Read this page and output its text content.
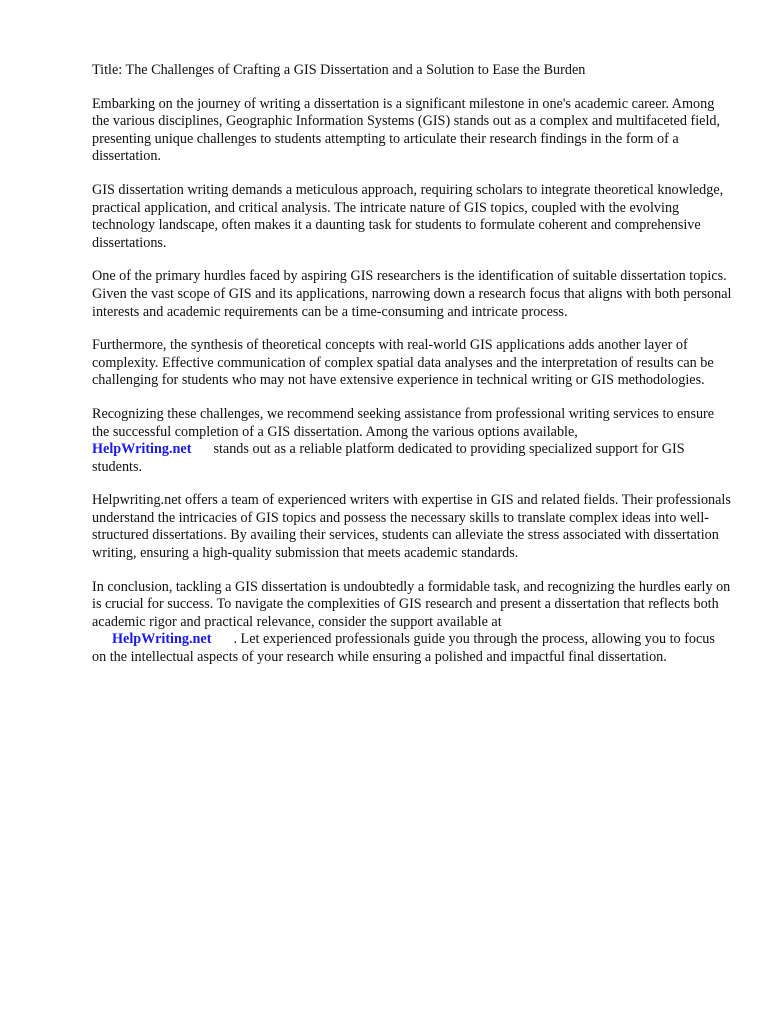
Title: The Challenges of Crafting a GIS Dissertation and a Solution to Ease the Burden

Embarking on the journey of writing a dissertation is a significant milestone in one's academic career. Among the various disciplines, Geographic Information Systems (GIS) stands out as a complex and multifaceted field, presenting unique challenges to students attempting to articulate their research findings in the form of a dissertation.

GIS dissertation writing demands a meticulous approach, requiring scholars to integrate theoretical knowledge, practical application, and critical analysis. The intricate nature of GIS topics, coupled with the evolving technology landscape, often makes it a daunting task for students to formulate coherent and comprehensive dissertations.

One of the primary hurdles faced by aspiring GIS researchers is the identification of suitable dissertation topics. Given the vast scope of GIS and its applications, narrowing down a research focus that aligns with both personal interests and academic requirements can be a time-consuming and intricate process.

Furthermore, the synthesis of theoretical concepts with real-world GIS applications adds another layer of complexity. Effective communication of complex spatial data analyses and the interpretation of results can be challenging for students who may not have extensive experience in technical writing or GIS methodologies.

Recognizing these challenges, we recommend seeking assistance from professional writing services to ensure the successful completion of a GIS dissertation. Among the various options available,
HelpWriting.net stands out as a reliable platform dedicated to providing specialized support for GIS students.

Helpwriting.net offers a team of experienced writers with expertise in GIS and related fields. Their professionals understand the intricacies of GIS topics and possess the necessary skills to translate complex ideas into well-structured dissertations. By availing their services, students can alleviate the stress associated with dissertation writing, ensuring a high-quality submission that meets academic standards.

In conclusion, tackling a GIS dissertation is undoubtedly a formidable task, and recognizing the hurdles early on is crucial for success. To navigate the complexities of GIS research and present a dissertation that reflects both academic rigor and practical relevance, consider the support available at
HelpWriting.net . Let experienced professionals guide you through the process, allowing you to focus on the intellectual aspects of your research while ensuring a polished and impactful final dissertation.
